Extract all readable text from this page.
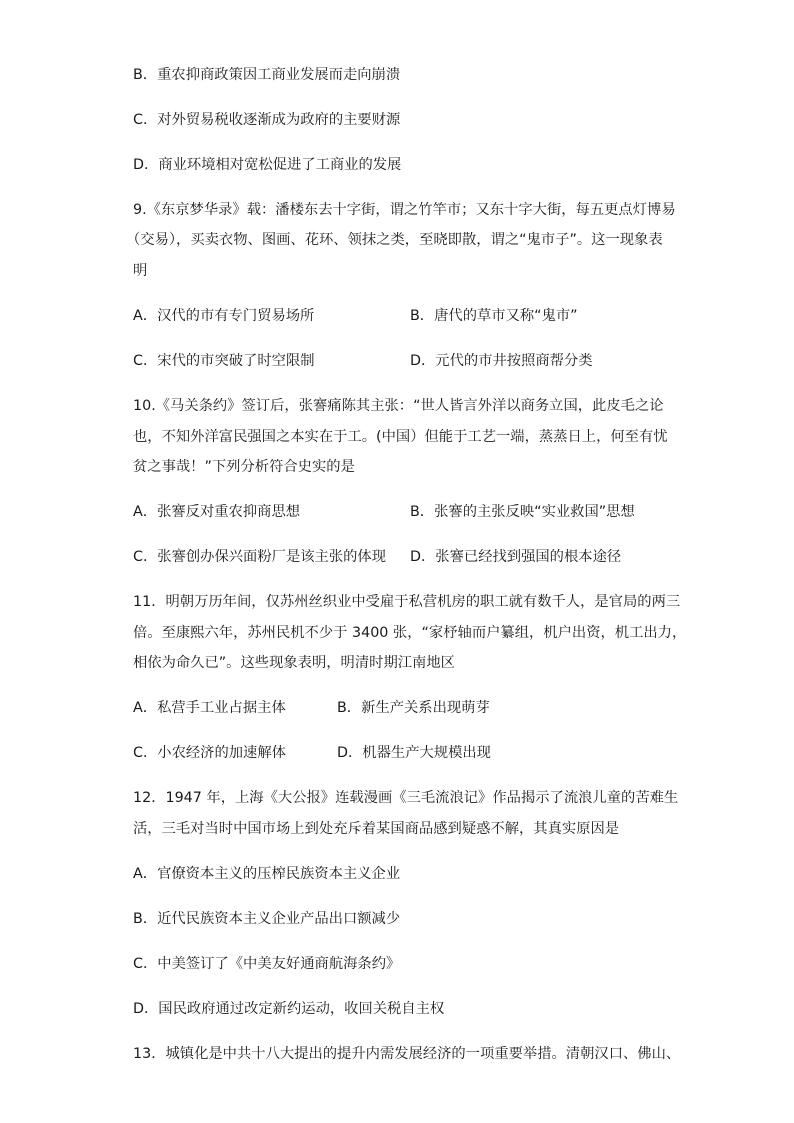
B．重农抑商政策因工商业发展而走向崩溃
C．对外贸易税收逐渐成为政府的主要财源
D．商业环境相对宽松促进了工商业的发展
9.《东京梦华录》载：潘楼东去十字街，谓之竹竿市；又东十字大街，每五更点灯博易
（交易），买卖衣物、图画、花环、领抹之类，至晓即散，谓之“鬼市子”。这一现象表
明
A．汉代的市有专门贸易场所	B．唐代的草市又称“鬼市”
C．宋代的市突破了时空限制	D．元代的市井按照商帮分类
10.《马关条约》签订后，张謇痛陈其主张：“世人皆言外洋以商务立国，此皮毛之论
也，不知外洋富民强国之本实在于工。(中国）但能于工艺一端，蒸蒸日上，何至有忧
贫之事哉！”下列分析符合史实的是
A．张謇反对重农抑商思想	B．张謇的主张反映“实业救国”思想
C．张謇创办保兴面粉厂是该主张的体现 D．张謇已经找到强国的根本途径
11．明朝万历年间，仅苏州丝织业中受雇于私营机房的职工就有数千人，是官局的两三
倍。至康熙六年，苏州民机不少于 3400 张，“家杼轴而户纂组，机户出资，机工出力，
相依为命久已”。这些现象表明，明清时期江南地区
A．私营手工业占据主体	B．新生产关系出现萌芽
C．小农经济的加速解体	D．机器生产大规模出现
12．1947 年，上海《大公报》连载漫画《三毛流浪记》作品揭示了流浪儿童的苦难生
活，三毛对当时中国市场上到处充斥着某国商品感到疑惑不解，其真实原因是
A．官僚资本主义的压榨民族资本主义企业
B．近代民族资本主义企业产品出口额减少
C．中美签订了《中美友好通商航海条约》
D．国民政府通过改定新约运动，收回关税自主权
13．城镇化是中共十八大提出的提升内需发展经济的一项重要举措。清朝汉口、佛山、
